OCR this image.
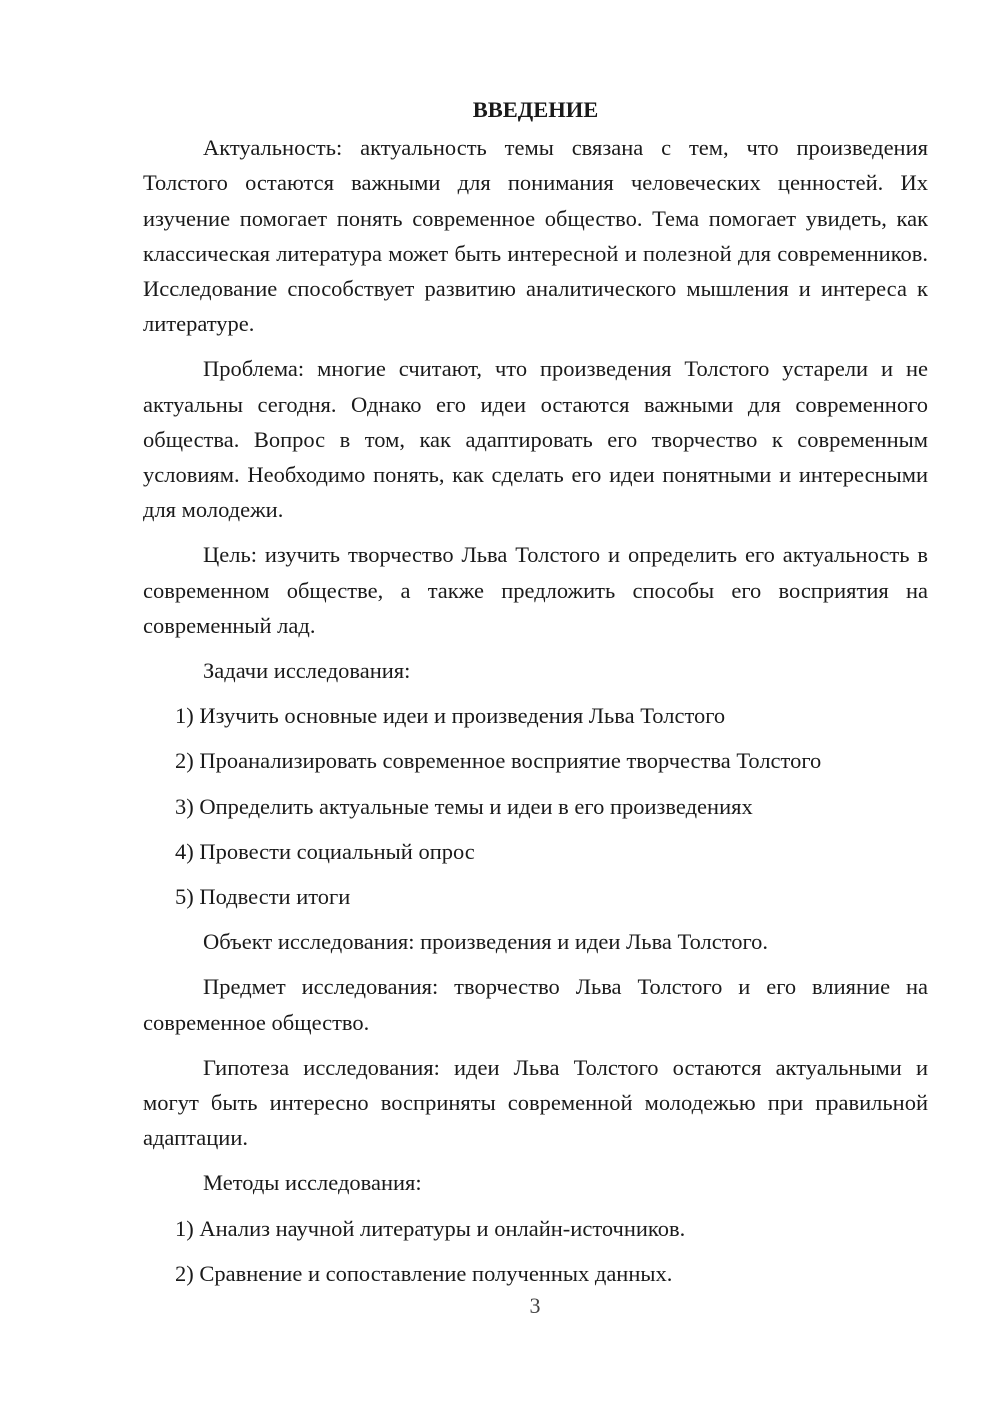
ВВЕДЕНИЕ

Актуальность: актуальность темы связана с тем, что произведения Толстого остаются важными для понимания человеческих ценностей. Их изучение помогает понять современное общество. Тема помогает увидеть, как классическая литература может быть интересной и полезной для современников. Исследование способствует развитию аналитического мышления и интереса к литературе.

Проблема: многие считают, что произведения Толстого устарели и не актуальны сегодня. Однако его идеи остаются важными для современного общества. Вопрос в том, как адаптировать его творчество к современным условиям. Необходимо понять, как сделать его идеи понятными и интересными для молодежи.

Цель: изучить творчество Льва Толстого и определить его актуальность в современном обществе, а также предложить способы его восприятия на современный лад.

Задачи исследования:

1) Изучить основные идеи и произведения Льва Толстого

2) Проанализировать современное восприятие творчества Толстого

3) Определить актуальные темы и идеи в его произведениях

4) Провести социальный опрос

5) Подвести итоги

Объект исследования: произведения и идеи Льва Толстого.

Предмет исследования: творчество Льва Толстого и его влияние на современное общество.

Гипотеза исследования: идеи Льва Толстого остаются актуальными и могут быть интересно восприняты современной молодежью при правильной адаптации.

Методы исследования:

1) Анализ научной литературы и онлайн-источников.

2) Сравнение и сопоставление полученных данных.

3
